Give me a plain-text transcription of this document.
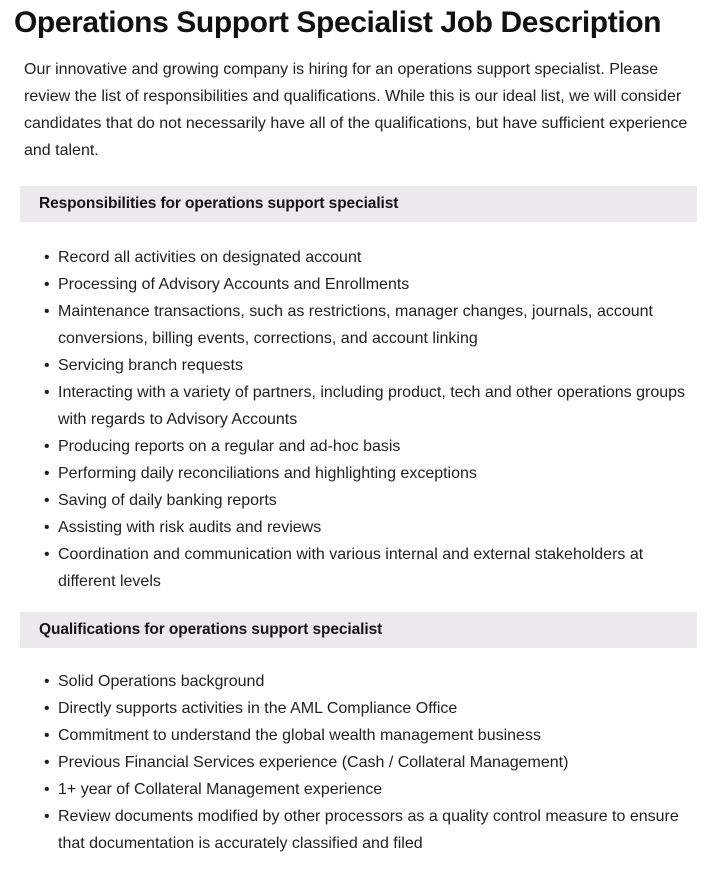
Operations Support Specialist Job Description

Our innovative and growing company is hiring for an operations support specialist. Please review the list of responsibilities and qualifications. While this is our ideal list, we will consider candidates that do not necessarily have all of the qualifications, but have sufficient experience and talent.

Responsibilities for operations support specialist
• Record all activities on designated account
• Processing of Advisory Accounts and Enrollments
• Maintenance transactions, such as restrictions, manager changes, journals, account conversions, billing events, corrections, and account linking
• Servicing branch requests
• Interacting with a variety of partners, including product, tech and other operations groups with regards to Advisory Accounts
• Producing reports on a regular and ad-hoc basis
• Performing daily reconciliations and highlighting exceptions
• Saving of daily banking reports
• Assisting with risk audits and reviews
• Coordination and communication with various internal and external stakeholders at different levels
Qualifications for operations support specialist
• Solid Operations background
• Directly supports activities in the AML Compliance Office
• Commitment to understand the global wealth management business
• Previous Financial Services experience (Cash / Collateral Management)
• 1+ year of Collateral Management experience
• Review documents modified by other processors as a quality control measure to ensure that documentation is accurately classified and filed
